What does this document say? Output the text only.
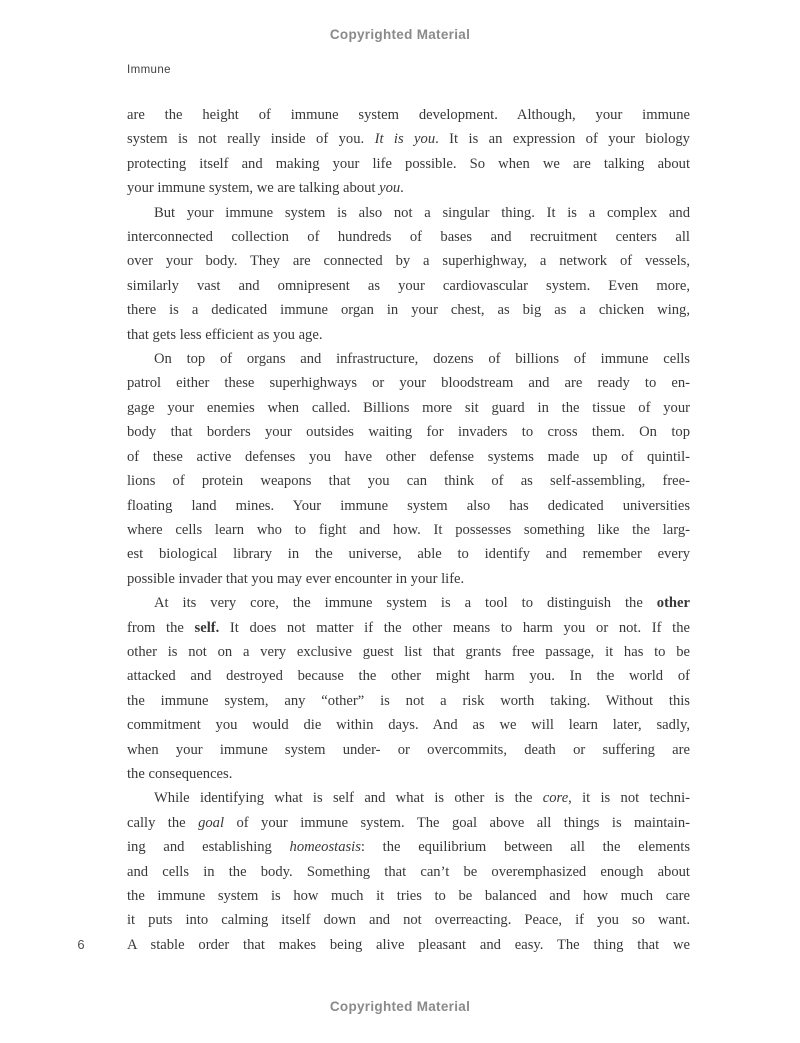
Copyrighted Material
Immune
are the height of immune system development. Although, your immune
system is not really inside of you. It is you. It is an expression of your biology
protecting itself and making your life possible. So when we are talking about
your immune system, we are talking about you.
But your immune system is also not a singular thing. It is a complex and
interconnected collection of hundreds of bases and recruitment centers all
over your body. They are connected by a superhighway, a network of vessels,
similarly vast and omnipresent as your cardiovascular system. Even more,
there is a dedicated immune organ in your chest, as big as a chicken wing,
that gets less efficient as you age.
On top of organs and infrastructure, dozens of billions of immune cells
patrol either these superhighways or your bloodstream and are ready to en-
gage your enemies when called. Billions more sit guard in the tissue of your
body that borders your outsides waiting for invaders to cross them. On top
of these active defenses you have other defense systems made up of quintil-
lions of protein weapons that you can think of as self-assembling, free-
floating land mines. Your immune system also has dedicated universities
where cells learn who to fight and how. It possesses something like the larg-
est biological library in the universe, able to identify and remember every
possible invader that you may ever encounter in your life.
At its very core, the immune system is a tool to distinguish the other
from the self. It does not matter if the other means to harm you or not. If the
other is not on a very exclusive guest list that grants free passage, it has to be
attacked and destroyed because the other might harm you. In the world of
the immune system, any “other” is not a risk worth taking. Without this
commitment you would die within days. And as we will learn later, sadly,
when your immune system under- or overcommits, death or suffering are
the consequences.
While identifying what is self and what is other is the core, it is not techni-
cally the goal of your immune system. The goal above all things is maintain-
ing and establishing homeostasis: the equilibrium between all the elements
and cells in the body. Something that can’t be overemphasized enough about
the immune system is how much it tries to be balanced and how much care
it puts into calming itself down and not overreacting. Peace, if you so want.
A stable order that makes being alive pleasant and easy. The thing that we
6
Copyrighted Material
